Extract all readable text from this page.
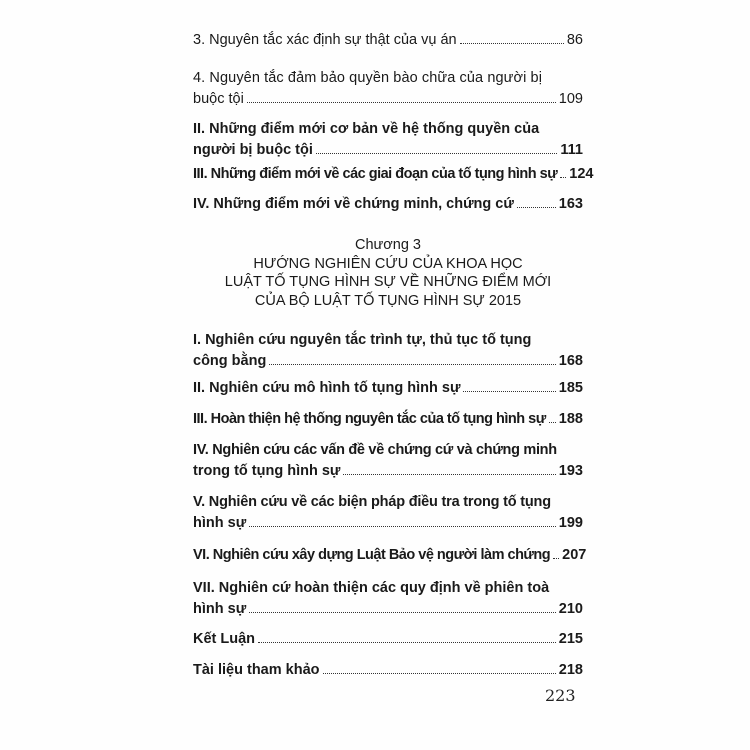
3. Nguyên tắc xác định sự thật của vụ án	86
4. Nguyên tắc đảm bảo quyền bào chữa của người bị
buộc tội	109
II. Những điểm mới cơ bản về hệ thống quyền của
người bị buộc tội	111
III. Những điểm mới về các giai đoạn của tố tụng hình sự 124
IV. Những điểm mới về chứng minh, chứng cứ	163
Chương 3
HƯỚNG NGHIÊN CỨU CỦA KHOA HỌC
LUẬT TỐ TỤNG HÌNH SỰ VỀ NHỮNG ĐIỂM MỚI
CỦA BỘ LUẬT TỐ TỤNG HÌNH SỰ 2015
I. Nghiên cứu nguyên tắc trình tự, thủ tục tố tụng
công bằng	168
II. Nghiên cứu mô hình tố tụng hình sự	185
III. Hoàn thiện hệ thống nguyên tắc của tố tụng hình sự 188
IV. Nghiên cứu các vấn đề về chứng cứ và chứng minh
trong tố tụng hình sự	193
V. Nghiên cứu về các biện pháp điều tra trong tố tụng
hình sự	199
VI. Nghiên cứu xây dựng Luật Bảo vệ người làm chứng 207
VII. Nghiên cứ hoàn thiện các quy định về phiên toà
hình sự	210
Kết Luận	215
Tài liệu tham khảo	218
223
